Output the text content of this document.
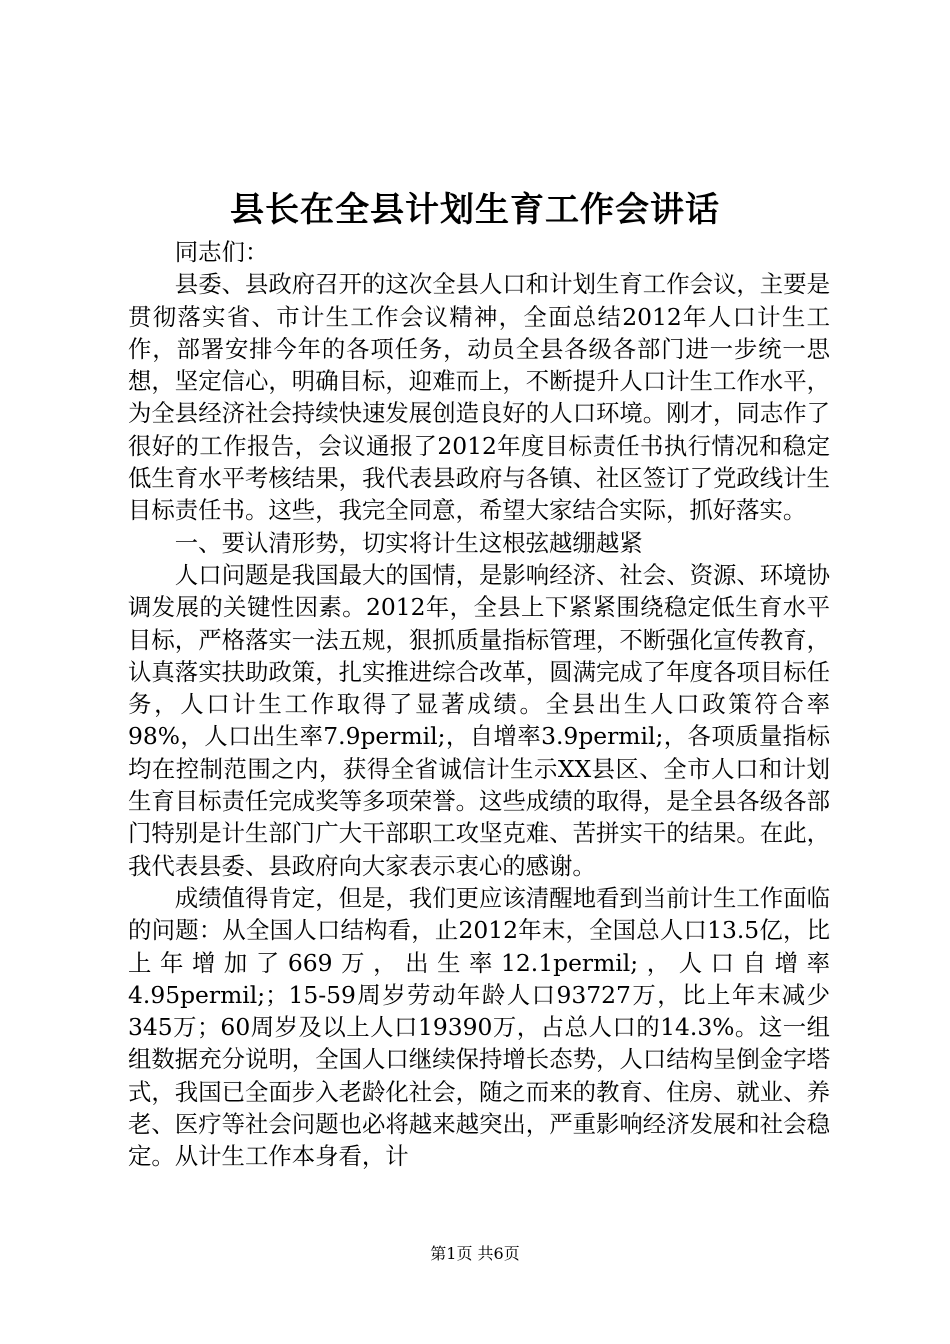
县长在全县计划生育工作会讲话

同志们：

县委、县政府召开的这次全县人口和计划生育工作会议，主要是贯彻落实省、市计生工作会议精神，全面总结2012年人口计生工作，部署安排今年的各项任务，动员全县各级各部门进一步统一思想，坚定信心，明确目标，迎难而上，不断提升人口计生工作水平，为全县经济社会持续快速发展创造良好的人口环境。刚才，同志作了很好的工作报告，会议通报了2012年度目标责任书执行情况和稳定低生育水平考核结果，我代表县政府与各镇、社区签订了党政线计生目标责任书。这些，我完全同意，希望大家结合实际，抓好落实。

一、要认清形势，切实将计生这根弦越绷越紧

人口问题是我国最大的国情，是影响经济、社会、资源、环境协调发展的关键性因素。2012年，全县上下紧紧围绕稳定低生育水平目标，严格落实一法五规，狠抓质量指标管理，不断强化宣传教育，认真落实扶助政策，扎实推进综合改革，圆满完成了年度各项目标任务，人口计生工作取得了显著成绩。全县出生人口政策符合率98%，人口出生率7.9permil;，自增率3.9permil;，各项质量指标均在控制范围之内，获得全省诚信计生示XX县区、全市人口和计划生育目标责任完成奖等多项荣誉。这些成绩的取得，是全县各级各部门特别是计生部门广大干部职工攻坚克难、苦拼实干的结果。在此，我代表县委、县政府向大家表示衷心的感谢。

成绩值得肯定，但是，我们更应该清醒地看到当前计生工作面临的问题：从全国人口结构看，止2012年末，全国总人口13.5亿，比上年增加了669万，出生率12.1permil;，人口自增率4.95permil;；15-59周岁劳动年龄人口93727万，比上年末减少345万；60周岁及以上人口19390万，占总人口的14.3%。这一组组数据充分说明，全国人口继续保持增长态势，人口结构呈倒金字塔式，我国已全面步入老龄化社会，随之而来的教育、住房、就业、养老、医疗等社会问题也必将越来越突出，严重影响经济发展和社会稳定。从计生工作本身看，计

第1页 共6页
